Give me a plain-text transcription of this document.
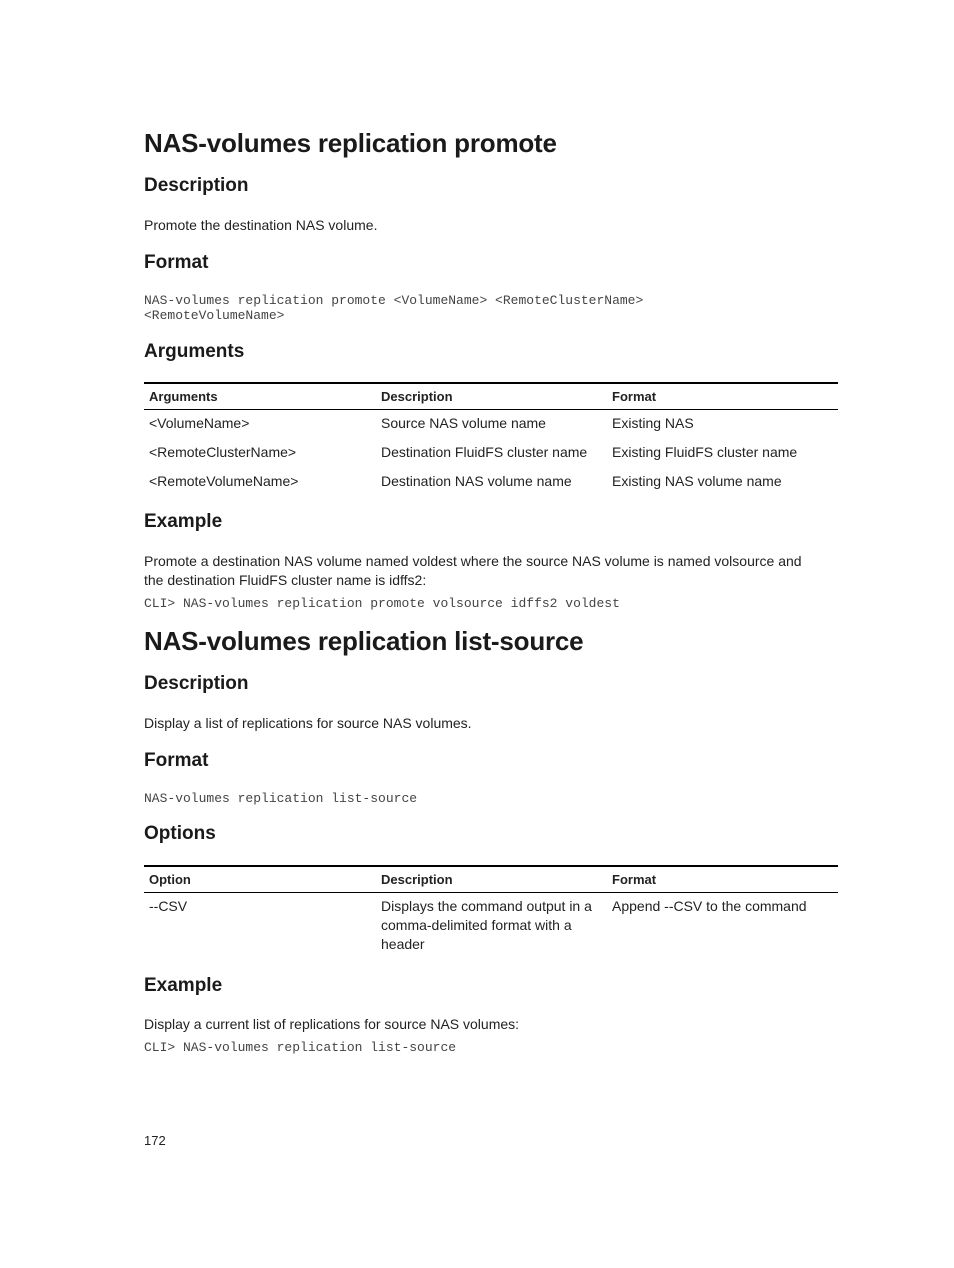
NAS-volumes replication promote
Description

Promote the destination NAS volume.

Format
NAS-volumes replication promote <VolumeName> <RemoteClusterName>
<RemoteVolumeName>
Arguments
Arguments	Description	Format
<VolumeName>	Source NAS volume name	Existing NAS
<RemoteClusterName>	Destination FluidFS cluster name	Existing FluidFS cluster name
<RemoteVolumeName>	Destination NAS volume name	Existing NAS volume name
Example

Promote a destination NAS volume named voldest where the source NAS volume is named volsource and the destination FluidFS cluster name is idffs2:

CLI> NAS-volumes replication promote volsource idffs2 voldest
NAS-volumes replication list-source
Description

Display a list of replications for source NAS volumes.

Format
NAS-volumes replication list-source
Options
Option	Description	Format
--CSV	Displays the command output in a comma-delimited format with a header	Append --CSV to the command
Example

Display a current list of replications for source NAS volumes:

CLI> NAS-volumes replication list-source
172
